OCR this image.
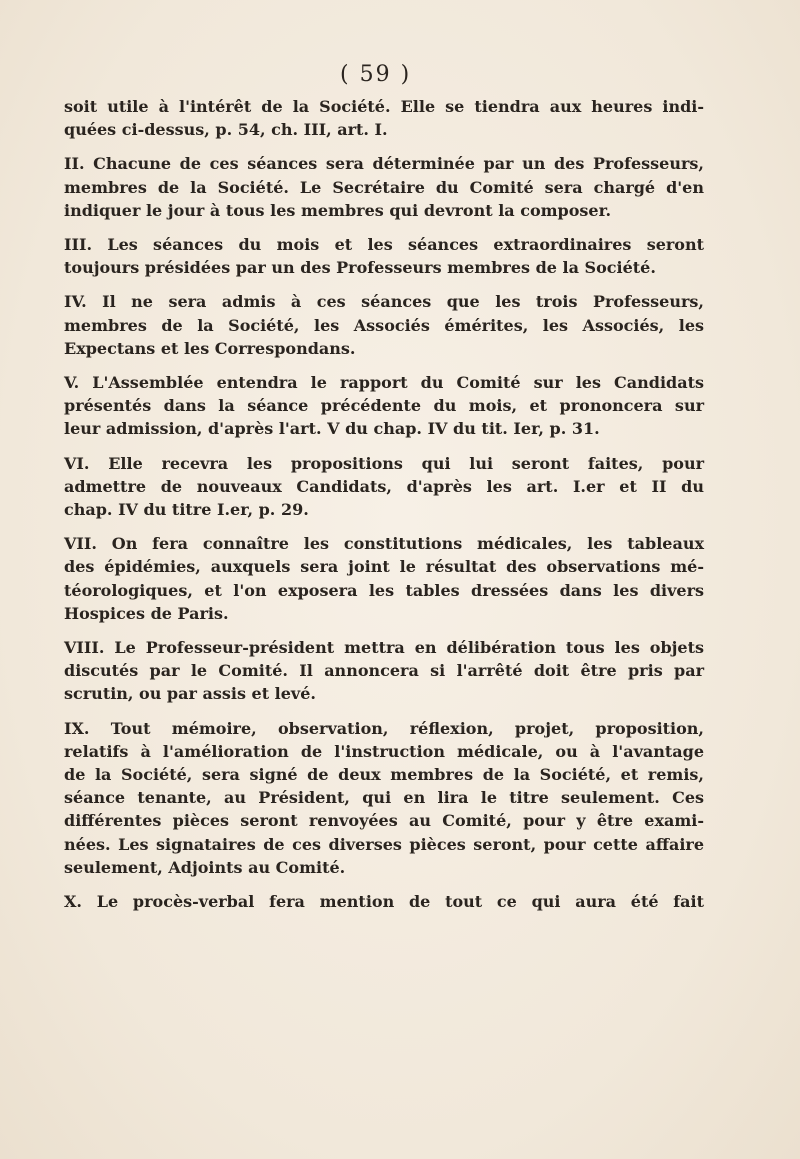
( 59 )
soit utile à l'intérêt de la Société. Elle se tiendra aux heures indi-
quées ci-dessus, p. 54, ch. III, art. I.
II. Chacune de ces séances sera déterminée par un des Professeurs,
membres de la Société. Le Secrétaire du Comité sera chargé d'en
indiquer le jour à tous les membres qui devront la composer.
III. Les séances du mois et les séances extraordinaires seront
toujours présidées par un des Professeurs membres de la Société.
IV. Il ne sera admis à ces séances que les trois Professeurs,
membres de la Société, les Associés émérites, les Associés, les
Expectans et les Correspondans.
V. L'Assemblée entendra le rapport du Comité sur les Candidats
présentés dans la séance précédente du mois, et prononcera sur
leur admission, d'après l'art. V du chap. IV du tit. Ier, p. 31.
VI. Elle recevra les propositions qui lui seront faites, pour
admettre de nouveaux Candidats, d'après les art. I.er et II du
chap. IV du titre I.er, p. 29.
VII. On fera connaître les constitutions médicales, les tableaux
des épidémies, auxquels sera joint le résultat des observations mé-
téorologiques, et l'on exposera les tables dressées dans les divers
Hospices de Paris.
VIII. Le Professeur-président mettra en délibération tous les objets
discutés par le Comité. Il annoncera si l'arrêté doit être pris par
scrutin, ou par assis et levé.
IX. Tout mémoire, observation, réflexion, projet, proposition,
relatifs à l'amélioration de l'instruction médicale, ou à l'avantage
de la Société, sera signé de deux membres de la Société, et remis,
séance tenante, au Président, qui en lira le titre seulement. Ces
différentes pièces seront renvoyées au Comité, pour y être exami-
nées. Les signataires de ces diverses pièces seront, pour cette affaire
seulement, Adjoints au Comité.
X. Le procès-verbal fera mention de tout ce qui aura été fait
